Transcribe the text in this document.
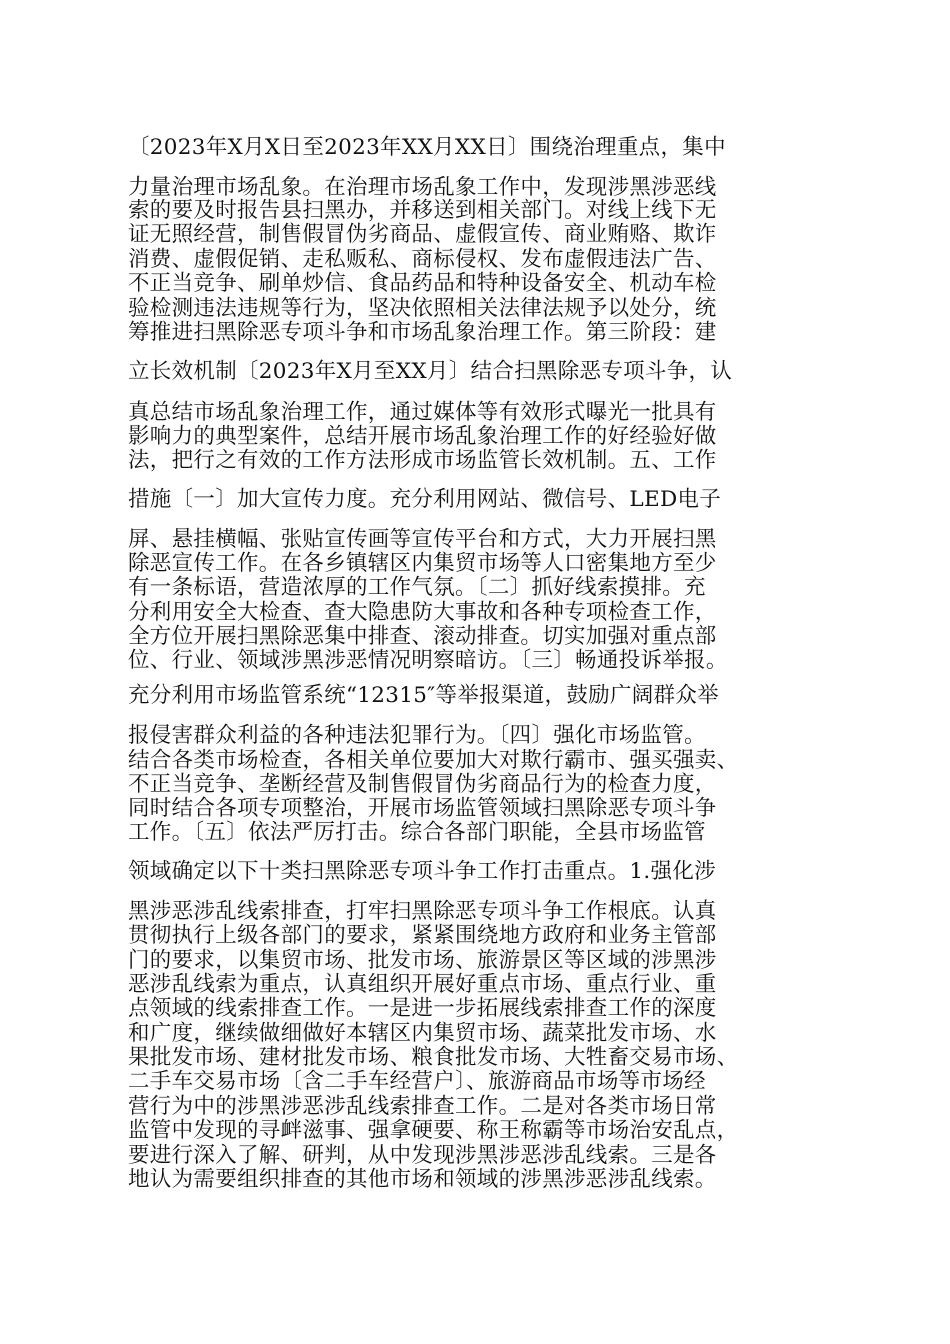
〔2023年X月X日至2023年XX月XX日〕围绕治理重点，集中
力量治理市场乱象。在治理市场乱象工作中，发现涉黑涉恶线
索的要及时报告县扫黑办，并移送到相关部门。对线上线下无
证无照经营，制售假冒伪劣商品、虚假宣传、商业贿赂、欺诈
消费、虚假促销、走私贩私、商标侵权、发布虚假违法广告、
不正当竞争、刷单炒信、食品药品和特种设备安全、机动车检
验检测违法违规等行为，坚决依照相关法律法规予以处分，统
筹推进扫黑除恶专项斗争和市场乱象治理工作。第三阶段：建
立长效机制〔2023年X月至XX月〕结合扫黑除恶专项斗争，认
真总结市场乱象治理工作，通过媒体等有效形式曝光一批具有
影响力的典型案件，总结开展市场乱象治理工作的好经验好做
法，把行之有效的工作方法形成市场监管长效机制。五、工作
措施〔一〕加大宣传力度。充分利用网站、微信号、LED电子
屏、悬挂横幅、张贴宣传画等宣传平台和方式，大力开展扫黑
除恶宣传工作。在各乡镇辖区内集贸市场等人口密集地方至少
有一条标语，营造浓厚的工作气氛。〔二〕抓好线索摸排。充
分利用安全大检查、查大隐患防大事故和各种专项检查工作，
全方位开展扫黑除恶集中排查、滚动排查。切实加强对重点部
位、行业、领域涉黑涉恶情况明察暗访。〔三〕畅通投诉举报。
充分利用市场监管系统“12315″等举报渠道，鼓励广阔群众举
报侵害群众利益的各种违法犯罪行为。〔四〕强化市场监管。
结合各类市场检查，各相关单位要加大对欺行霸市、强买强卖、
不正当竞争、垄断经营及制售假冒伪劣商品行为的检查力度，
同时结合各项专项整治，开展市场监管领域扫黑除恶专项斗争
工作。〔五〕依法严厉打击。综合各部门职能，全县市场监管
领域确定以下十类扫黑除恶专项斗争工作打击重点。1.强化涉
黑涉恶涉乱线索排查，打牢扫黑除恶专项斗争工作根底。认真
贯彻执行上级各部门的要求，紧紧围绕地方政府和业务主管部
门的要求，以集贸市场、批发市场、旅游景区等区域的涉黑涉
恶涉乱线索为重点，认真组织开展好重点市场、重点行业、重
点领域的线索排查工作。一是进一步拓展线索排查工作的深度
和广度，继续做细做好本辖区内集贸市场、蔬菜批发市场、水
果批发市场、建材批发市场、粮食批发市场、大牲畜交易市场、
二手车交易市场〔含二手车经营户〕、旅游商品市场等市场经
营行为中的涉黑涉恶涉乱线索排查工作。二是对各类市场日常
监管中发现的寻衅滋事、强拿硬要、称王称霸等市场治安乱点，
要进行深入了解、研判，从中发现涉黑涉恶涉乱线索。三是各
地认为需要组织排查的其他市场和领域的涉黑涉恶涉乱线索。
